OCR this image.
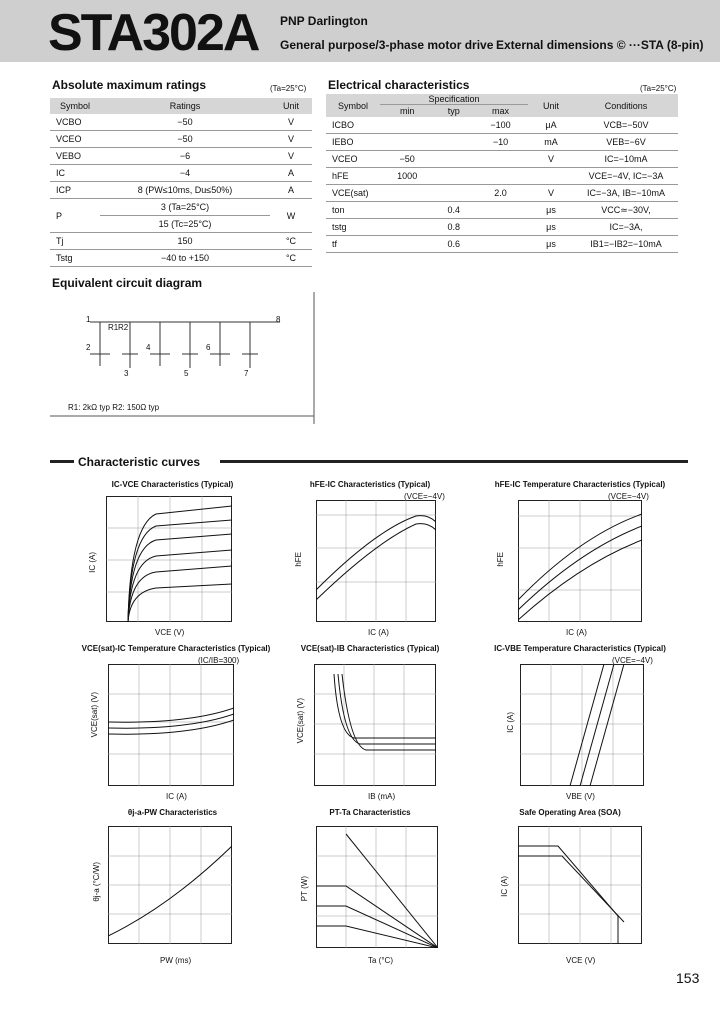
STA302A PNP Darlington
General purpose/3-phase motor drive External dimensions © ···STA (8-pin)
Absolute maximum ratings	(Ta=25°C)
Symbol	Ratings	Unit
VCBO	−50	V
VCEO	−50	V
VEBO	−6	V
IC	−4	A
ICP	8 (PW≤10ms, Du≤50%)	A
P	3 (Ta=25°C)	W
	15 (Tc=25°C)	
Tj	150	°C
Tstg	−40 to +150	°C
Electrical characteristics	(Ta=25°C)
Symbol	Specification			Unit	Conditions
	min	typ	max		
ICBO			−100	μA	VCB=−50V
IEBO			−10	mA	VEB=−6V
VCEO	−50			V	IC=−10mA
hFE	1000				VCE=−4V, IC=−3A
VCE(sat)			2.0	V	IC=−3A, IB=−10mA
ton		0.4		μs	VCC≃−30V,
tstg		0.8		μs	IC=−3A,
tf		0.6		μs	IB1=−IB2=−10mA
Equivalent circuit diagram
R1 R2
1
2
3
4
5
6
7
8
R1: 2kΩ typ R2: 150Ω typ
Characteristic curves
IC-VCE Characteristics (Typical)	hFE-IC Characteristics (Typical)	hFE-IC Temperature Characteristics (Typical)
VCE(sat)-IC Temperature Characteristics (Typical)	VCE(sat)-IB Characteristics (Typical)	IC-VBE Temperature Characteristics (Typical)
θj-a-PW Characteristics	PT-Ta Characteristics	Safe Operating Area (SOA)
(VCE=−4V)	(VCE=−4V)
(IC/IB=300)	(VCE=−4V)
VCE (V)	IC (A)	IC (A)
IC (A)	IB (mA)	VBE (V)
PW (ms)	Ta (°C)	VCE (V)
IC (A)	hFE	hFE
VCE(sat) (V)	VCE(sat) (V)	IC (A)
θj-a (°C/W)	PT (W)	IC (A)
153
